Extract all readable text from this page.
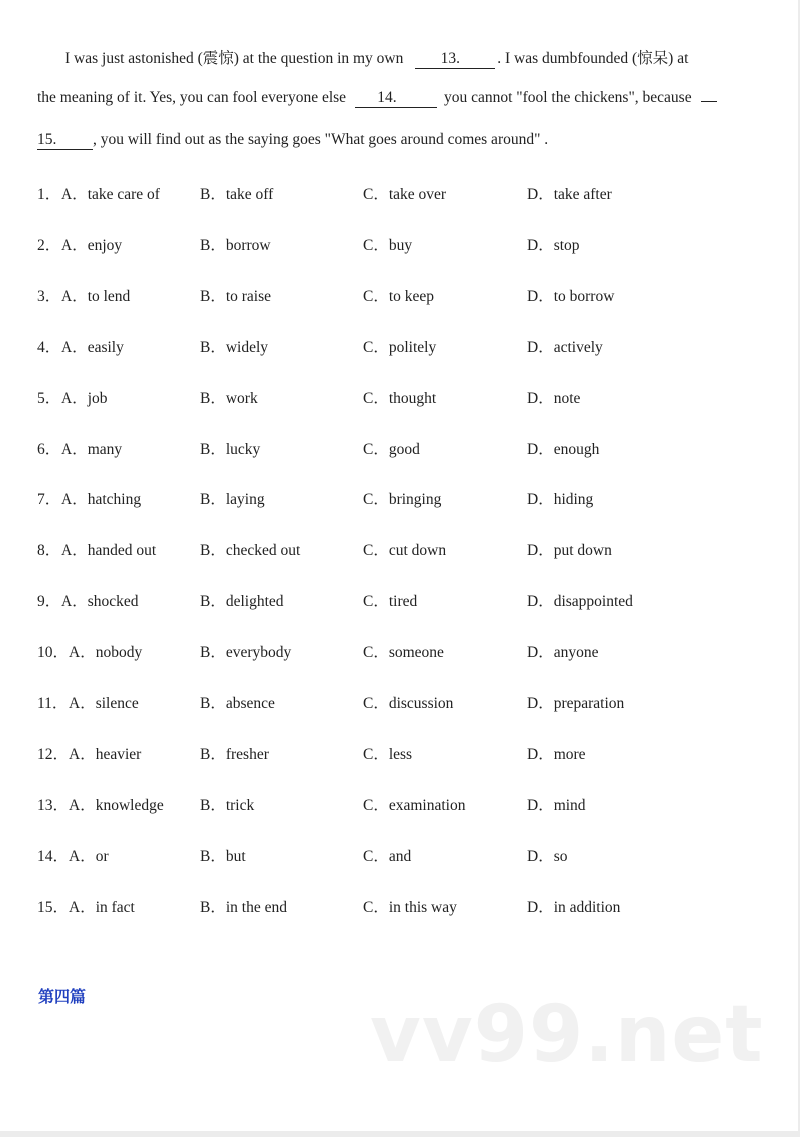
I was just astonished (震惊) at the question in my own 13. . I was dumbfounded (惊呆) at
the meaning of it. Yes, you can fool everyone else 14.	you cannot "fool the chickens", because
15. , you will find out as the saying goes "What goes around comes around" .
1． A．take care of	B．take off	C．take over	D．take after
2． A．enjoy	B．borrow	C．buy	D．stop
3． A．to lend	B．to raise	C．to keep	D．to borrow
4． A．easily	B．widely	C．politely	D．actively
5． A．job	B．work	C．thought	D．note
6． A．many	B．lucky	C．good	D．enough
7． A．hatching	B．laying	C．bringing	D．hiding
8． A．handed out	B．checked out	C．cut down	D．put down
9． A．shocked	B．delighted	C．tired	D．disappointed
10． A．nobody	B．everybody	C．someone	D．anyone
11． A．silence	B．absence	C．discussion	D．preparation
12． A．heavier	B．fresher	C．less	D．more
13． A．knowledge B．trick	C．examination	D．mind
14． A．or	B．but	C．and	D．so
15． A．in fact	B．in the end	C．in this way	D．in addition
第四篇	vv99.net
